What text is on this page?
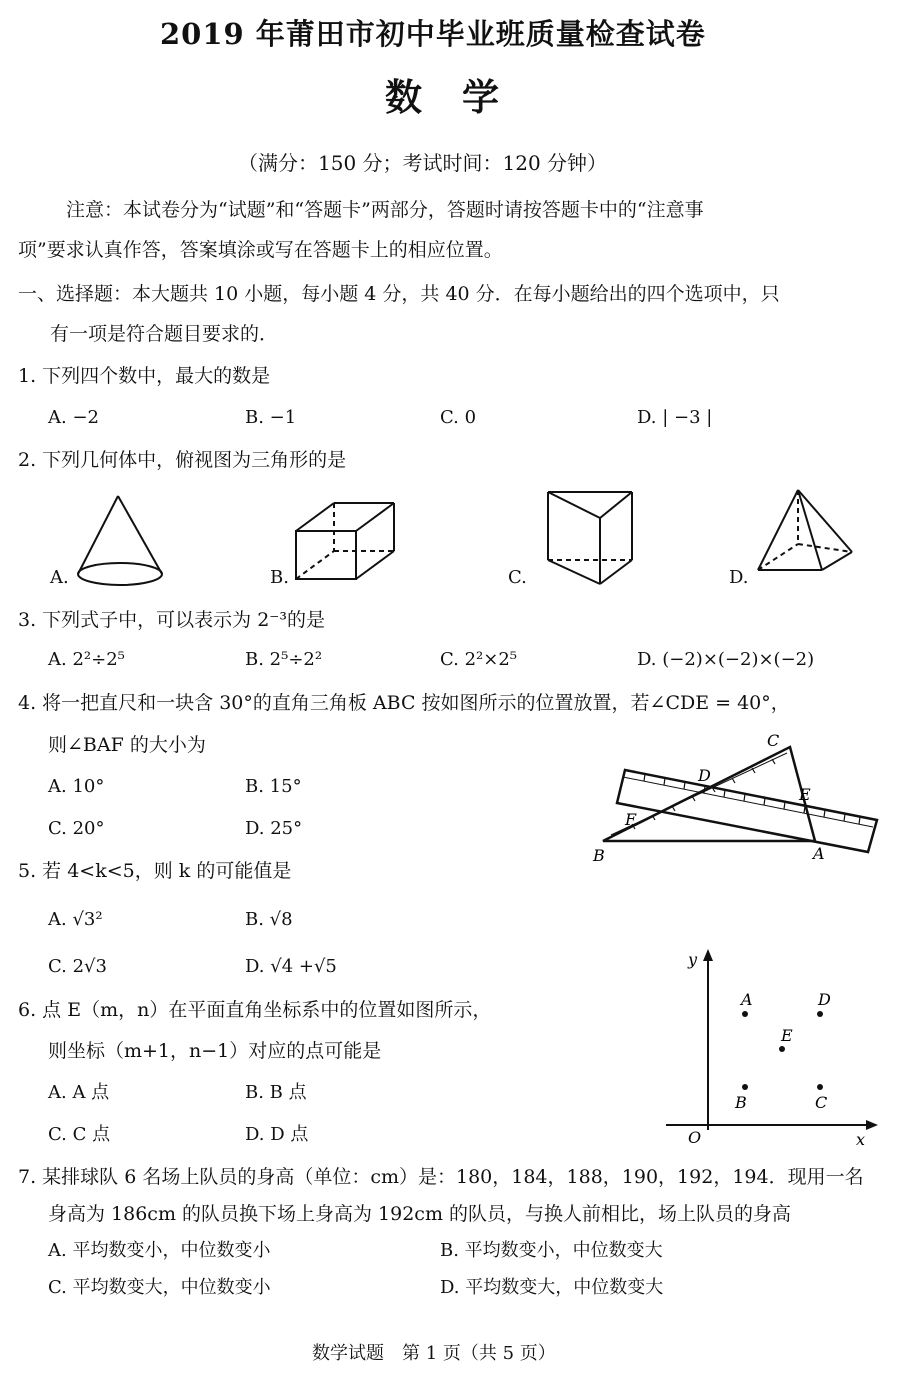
2019 年莆田市初中毕业班质量检查试卷
数学
（满分：150 分；考试时间：120 分钟）
注意：本试卷分为“试题”和“答题卡”两部分，答题时请按答题卡中的“注意事
项”要求认真作答，答案填涂或写在答题卡上的相应位置。
一、选择题：本大题共 10 小题，每小题 4 分，共 40 分．在每小题给出的四个选项中，只
有一项是符合题目要求的．
1. 下列四个数中，最大的数是
A. −2	B. −1	C. 0	D. | −3 |
2. 下列几何体中，俯视图为三角形的是
A.	B.	C.	D.
3. 下列式子中，可以表示为 2⁻³的是
A. 2²÷2⁵	B. 2⁵÷2²	C. 2²×2⁵	D. (−2)×(−2)×(−2)
4. 将一把直尺和一块含 30°的直角三角板 ABC 按如图所示的位置放置，若∠CDE = 40°，
则∠BAF 的大小为
A. 10°	B. 15°
C. 20°	D. 25°
C
D
E
F
B	A
5. 若 4<k<5，则 k 的可能值是
A. √3²	B. √8
C. 2√3	D. √4 +√5
6. 点 E（m，n）在平面直角坐标系中的位置如图所示，
则坐标（m+1，n−1）对应的点可能是
A. A 点	B. B 点
C. C 点	D. D 点
y
x
O
A	D
E
B	C
7. 某排球队 6 名场上队员的身高（单位：cm）是：180，184，188，190，192，194．现用一名
身高为 186cm 的队员换下场上身高为 192cm 的队员，与换人前相比，场上队员的身高
A. 平均数变小，中位数变小	B. 平均数变小，中位数变大
C. 平均数变大，中位数变小	D. 平均数变大，中位数变大
数学试题　第 1 页（共 5 页）
